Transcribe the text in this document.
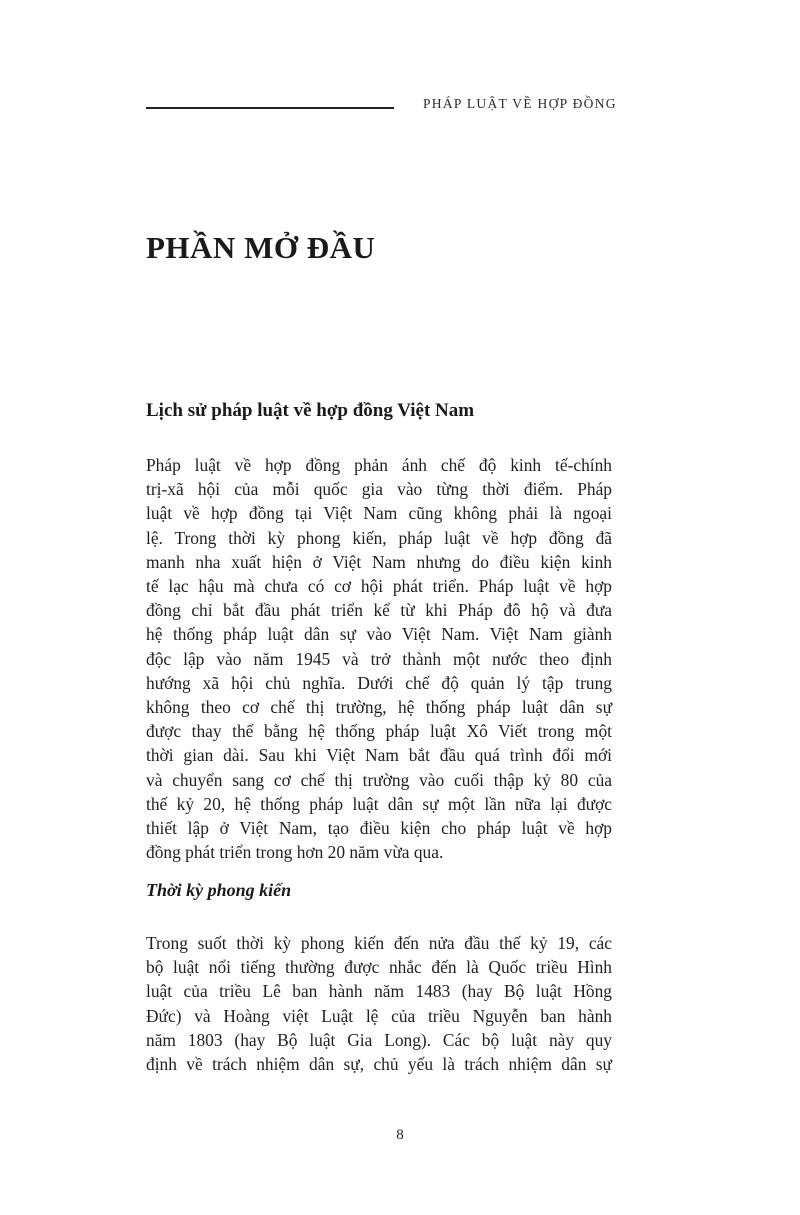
PHÁP LUẬT VỀ HỢP ĐỒNG
PHẦN MỞ ĐẦU
Lịch sử pháp luật về hợp đồng Việt Nam

Pháp luật về hợp đồng phản ánh chế độ kinh tế-chính
trị-xã hội của mỗi quốc gia vào từng thời điểm. Pháp
luật về hợp đồng tại Việt Nam cũng không phải là ngoại
lệ. Trong thời kỳ phong kiến, pháp luật về hợp đồng đã
manh nha xuất hiện ở Việt Nam nhưng do điều kiện kinh
tế lạc hậu mà chưa có cơ hội phát triển. Pháp luật về hợp
đồng chỉ bắt đầu phát triển kể từ khi Pháp đô hộ và đưa
hệ thống pháp luật dân sự vào Việt Nam. Việt Nam giành
độc lập vào năm 1945 và trở thành một nước theo định
hướng xã hội chủ nghĩa. Dưới chế độ quản lý tập trung
không theo cơ chế thị trường, hệ thống pháp luật dân sự
được thay thế bằng hệ thống pháp luật Xô Viết trong một
thời gian dài. Sau khi Việt Nam bắt đầu quá trình đổi mới
và chuyển sang cơ chế thị trường vào cuối thập kỷ 80 của
thế kỷ 20, hệ thống pháp luật dân sự một lần nữa lại được
thiết lập ở Việt Nam, tạo điều kiện cho pháp luật về hợp
đồng phát triển trong hơn 20 năm vừa qua.

Thời kỳ phong kiến

Trong suốt thời kỳ phong kiến đến nửa đầu thế kỷ 19, các
bộ luật nổi tiếng thường được nhắc đến là Quốc triều Hình
luật của triều Lê ban hành năm 1483 (hay Bộ luật Hồng
Đức) và Hoàng việt Luật lệ của triều Nguyễn ban hành
năm 1803 (hay Bộ luật Gia Long). Các bộ luật này quy
định về trách nhiệm dân sự, chủ yếu là trách nhiệm dân sự

8
